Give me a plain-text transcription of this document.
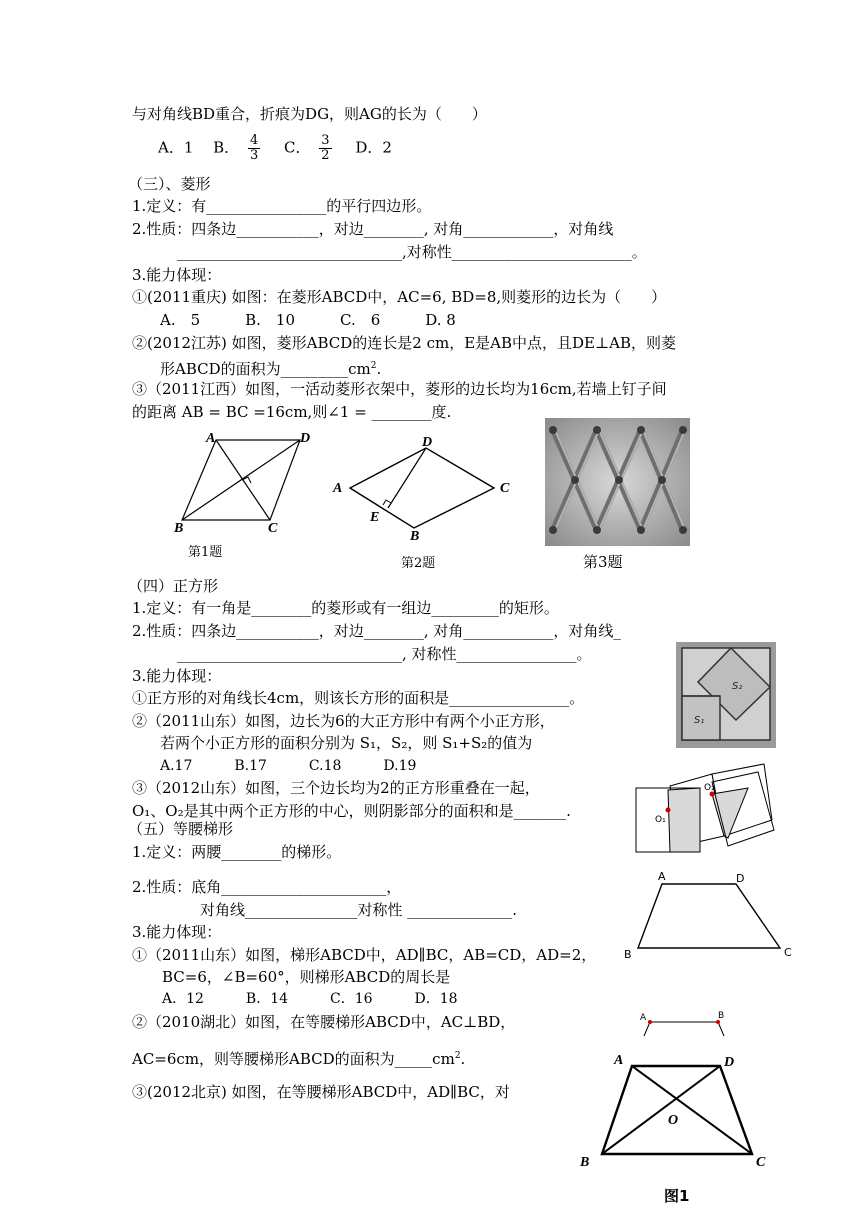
与对角线BD重合，折痕为DG，则AG的长为（　　）
A．1　 B． $\frac{4}{3}$ 　C． $\frac{3}{2}$ 　D．2
（三）、菱形
1.定义：有________________的平行四边形。
2.性质：四条边___________，对边________, 对角____________，对角线
______________________________,对称性________________________。
3.能力体现：
①(2011重庆) 如图：在菱形ABCD中，AC=6, BD=8,则菱形的边长为（　　）
A.　5　　　B.　10　　　C.　6　　　D. 8
②(2012江苏) 如图，菱形ABCD的连长是2 cm，E是AB中点，且DE⊥AB，则菱
形ABCD的面积为$\_\_\_\_\_\_\_\_\_cm^2$.
③（2011江西）如图，一活动菱形衣架中，菱形的边长均为16cm,若墙上钉子间
的距离 AB = BC =16cm,则∠1 = ________度.
A	D
B	C
第1题
A
D
C
E
B
第2题	第3题
（四）正方形
1.定义：有一角是________的菱形或有一组边_________的矩形。
2.性质：四条边___________，对边________, 对角____________，对角线_
______________________________, 对称性________________。
3.能力体现：
①正方形的对角线长4cm，则该长方形的面积是________________。
②（2011山东）如图，边长为6的大正方形中有两个小正方形，
若两个小正方形的面积分别为 S₁，S₂，则 S₁+S₂的值为
A.17　　　B.17　　　C.18　　　D.19
③（2012山东）如图，三个边长均为2的正方形重叠在一起，
O₁、O₂是其中两个正方形的中心，则阴影部分的面积和是_______.
S₂
S₁
O₁
O₂
（五）等腰梯形
1.定义：两腰________的梯形。
2.性质：底角______________________，
对角线_______________对称性 ______________.
3.能力体现：
①（2011山东）如图，梯形ABCD中，AD∥BC，AB=CD，AD=2，
BC=6，∠B=60°，则梯形ABCD的周长是
A．12　　　B．14　　　C．16　　　D．18
②（2010湖北）如图，在等腰梯形ABCD中，AC⊥BD，
AC=6cm，则等腰梯形ABCD的面积为$\_\_\_\_\_cm^2$.
③(2012北京) 如图，在等腰梯形ABCD中，AD∥BC，对
A	D
B	C
A	B
A	D
O
B	C
图1
